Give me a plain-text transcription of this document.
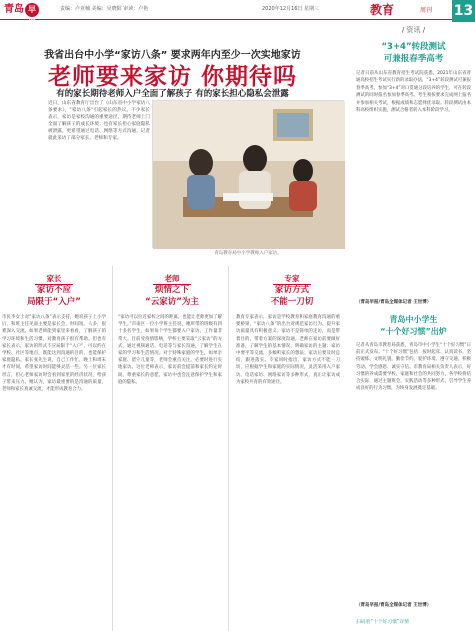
青岛 早报
责编：卢亚楠 美编：吴晓阳 审读：卢艳	2020年12月16日 星期三	教育	周刊 13
我省出台中小学“家访八条” 要求两年内至少一次实地家访
老师要来家访 你期待吗
有的家长期待老师入户全面了解孩子 有的家长担心隐私会泄露
近日，山东省教育厅出台了《山东省中小学家访八条要求》，“家访八条”引起家长的热议。不少家长表示，家访是家校沟通的重要途径，期待老师上门全面了解孩子的成长环境；也有家长担心家庭隐私被泄露，更希望通过电话、网络等方式沟通。记者就此采访了部分家长、老师和专家。
青岛教育局中小学教师入户家访。
家长
家访不应
局限于“入户”
市民李女士对“家访八条”表示支持，她说孩子上小学后，和班主任见面主要是家长会，时间短、人多，很难深入交流。如果老师能到家里来看看，了解孩子的学习环境和生活习惯，对教育孩子很有帮助。但也有家长表示，家访的形式不应局限于“入户”，可以约在学校、社区等地点，既能达到沟通的目的，也能保护家庭隐私。家长张先生说，自己工作忙，晚上和周末才有时间，希望家访时间能够灵活一些。另一位家长坦言，担心老师家访时会看到家里的经济状况，给孩子带来压力。她认为，家访最重要的是沟通的质量，老师和家长真诚交流，才能形成教育合力。
老师
烦情之下
“云家访”为主
“家访可以拉近家校之间的距离，也能让老师更加了解学生。”市南区一位小学班主任说，她所带的班级有四十多名学生，如果每个学生都要入户家访，工作量非常大。目前受疫情影响，学校主要采取“云家访”的方式，通过视频通话、电话等与家长沟通，了解学生在家的学习和生活情况。对于特殊家庭的学生，如单亲家庭、留守儿童等，老师会重点关注，必要时进行实地家访。这位老师表示，家访前会提前和家长约定时间，尊重家长的意愿，家访中也会注意保护学生和家庭的隐私。
专家
家访方式
不能一刀切
教育专家表示，家访是学校教育和家庭教育沟通的重要桥梁，“家访八条”的出台对规范家访行为、提升家访质量具有积极意义。家访不是简单的走访，而是带着目的、带着方案的深度沟通。老师在家访前要做好准备，了解学生的基本情况，明确家访的主题；家访中要平等交流，多倾听家长的想法；家访后要及时总结，跟进落实。专家同时指出，家访方式不能一刀切，应根据学生和家庭的实际情况，灵活采用入户家访、电话家访、网络家访等多种形式，真正让家访成为家校共育的有效途径。
/ 资讯 /
“3+4”转段测试
可兼报春季高考
记者日前从山东省教育招生考试院获悉，2021年山东省普通高校招生考试实行新的录取办法，“3+4”转段测试可兼报春季高考。参加“3+4”对口贯通分段培养的学生，可在转段测试的同时报名参加春季高考。考生须按要求完成网上报名并参加相关考试，根据成绩和志愿择优录取。转段测试由本科高校组织实施，测试合格者转入本科阶段学习。
（青岛早报/青岛全媒体记者 王世博）
青岛中小学生
“十个好习惯”出炉
记者从青岛市教育局获悉，青岛市中小学生“十个好习惯”日前正式发布。“十个好习惯”包括：按时起床、认真读书、坚持锻炼、文明礼貌、勤俭节约、爱护环境、遵守交通、积极劳动、学会感恩、诚实守信。市教育局相关负责人表示，好习惯的养成需要学校、家庭和社会的共同努力，各学校将结合实际，通过主题班会、实践活动等多种形式，引导学生养成良好的行为习惯，为终身发展奠定基础。
（青岛早报/青岛全媒体记者 王世博）
扫码看“十个好习惯”详情
